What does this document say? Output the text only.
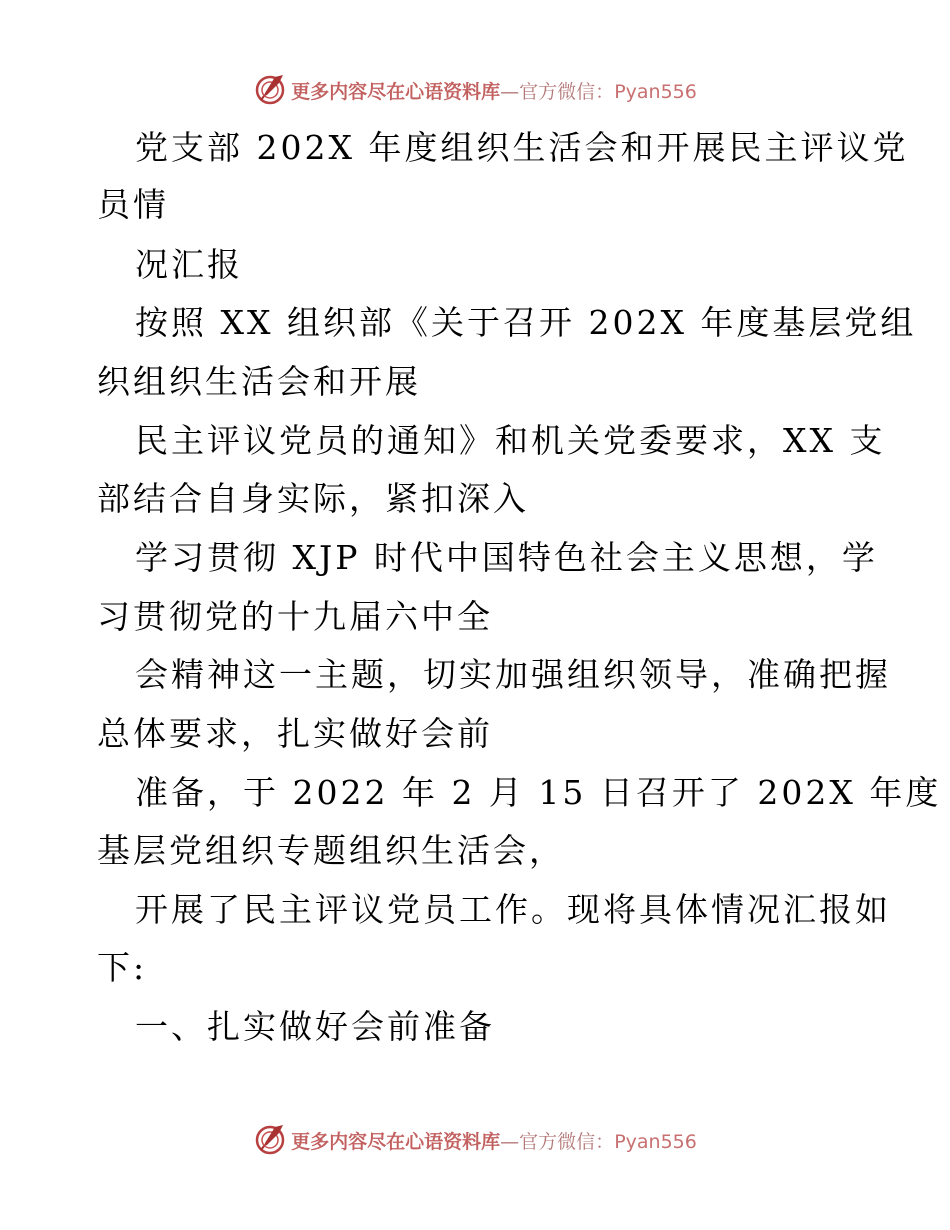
更多内容尽在心语资料库—官方微信：Pyan556
党支部 202X 年度组织生活会和开展民主评议党
员情
况汇报
按照 XX 组织部《关于召开 202X 年度基层党组
织组织生活会和开展
民主评议党员的通知》和机关党委要求，XX 支
部结合自身实际，紧扣深入
学习贯彻 XJP 时代中国特色社会主义思想，学
习贯彻党的十九届六中全
会精神这一主题，切实加强组织领导，准确把握
总体要求，扎实做好会前
准备，于 2022 年 2 月 15 日召开了 202X 年度
基层党组织专题组织生活会，
开展了民主评议党员工作。现将具体情况汇报如
下:
一、扎实做好会前准备
更多内容尽在心语资料库—官方微信：Pyan556
